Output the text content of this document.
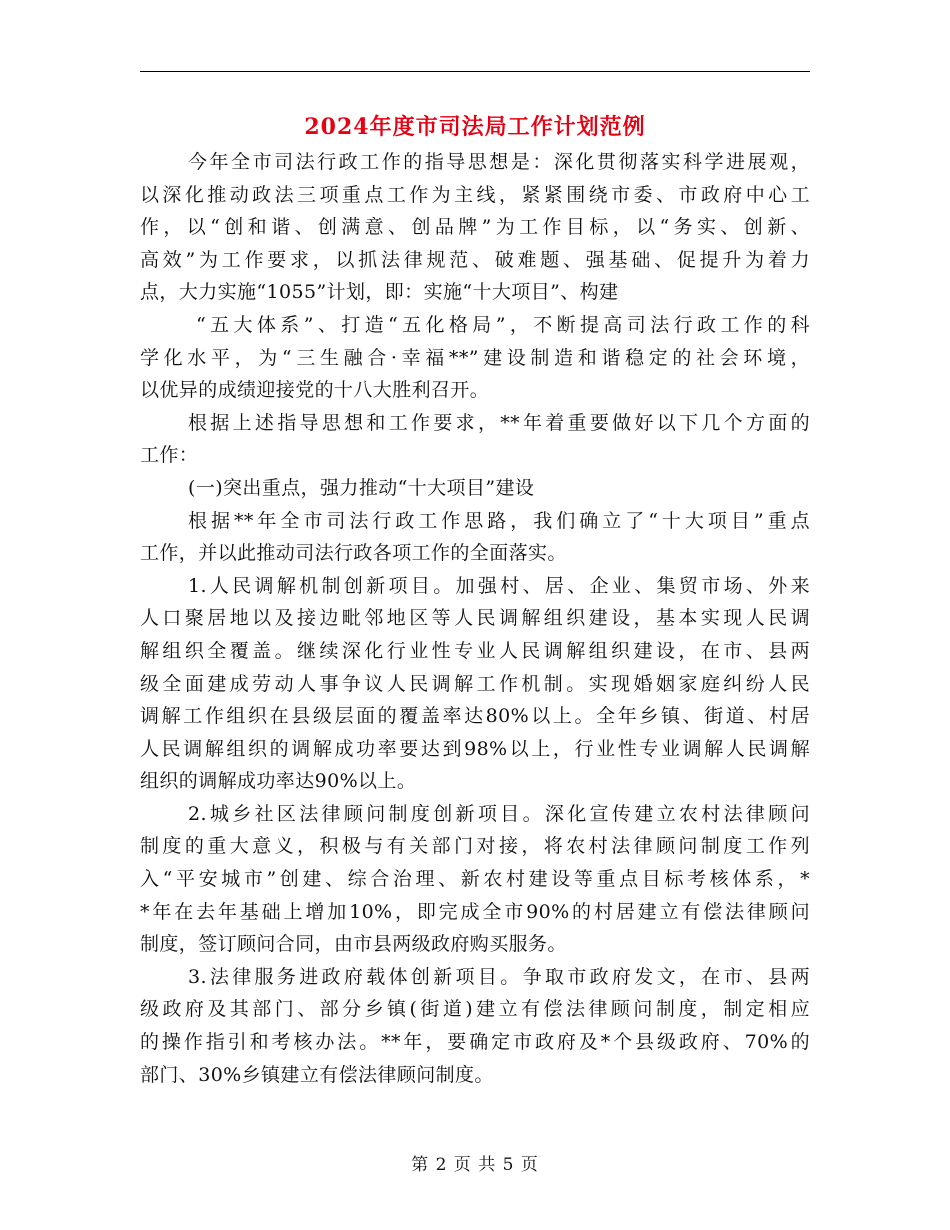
2024年度市司法局工作计划范例
今年全市司法行政工作的指导思想是：深化贯彻落实科学进展观，
以深化推动政法三项重点工作为主线，紧紧围绕市委、市政府中心工
作，以“创和谐、创满意、创品牌”为工作目标，以“务实、创新、
高效”为工作要求，以抓法律规范、破难题、强基础、促提升为着力
点，大力实施“1055”计划，即：实施“十大项目”、构建
“五大体系”、打造“五化格局”，不断提高司法行政工作的科
学化水平，为“三生融合·幸福**”建设制造和谐稳定的社会环境，
以优异的成绩迎接党的十八大胜利召开。
根据上述指导思想和工作要求，**年着重要做好以下几个方面的
工作：
(一)突出重点，强力推动“十大项目”建设
根据**年全市司法行政工作思路，我们确立了“十大项目”重点
工作，并以此推动司法行政各项工作的全面落实。
1.人民调解机制创新项目。加强村、居、企业、集贸市场、外来
人口聚居地以及接边毗邻地区等人民调解组织建设，基本实现人民调
解组织全覆盖。继续深化行业性专业人民调解组织建设，在市、县两
级全面建成劳动人事争议人民调解工作机制。实现婚姻家庭纠纷人民
调解工作组织在县级层面的覆盖率达80%以上。全年乡镇、街道、村居
人民调解组织的调解成功率要达到98%以上，行业性专业调解人民调解
组织的调解成功率达90%以上。
2.城乡社区法律顾问制度创新项目。深化宣传建立农村法律顾问
制度的重大意义，积极与有关部门对接，将农村法律顾问制度工作列
入“平安城市”创建、综合治理、新农村建设等重点目标考核体系，*
*年在去年基础上增加10%，即完成全市90%的村居建立有偿法律顾问
制度，签订顾问合同，由市县两级政府购买服务。
3.法律服务进政府载体创新项目。争取市政府发文，在市、县两
级政府及其部门、部分乡镇(街道)建立有偿法律顾问制度，制定相应
的操作指引和考核办法。**年，要确定市政府及*个县级政府、70%的
部门、30%乡镇建立有偿法律顾问制度。
第 2 页 共 5 页
